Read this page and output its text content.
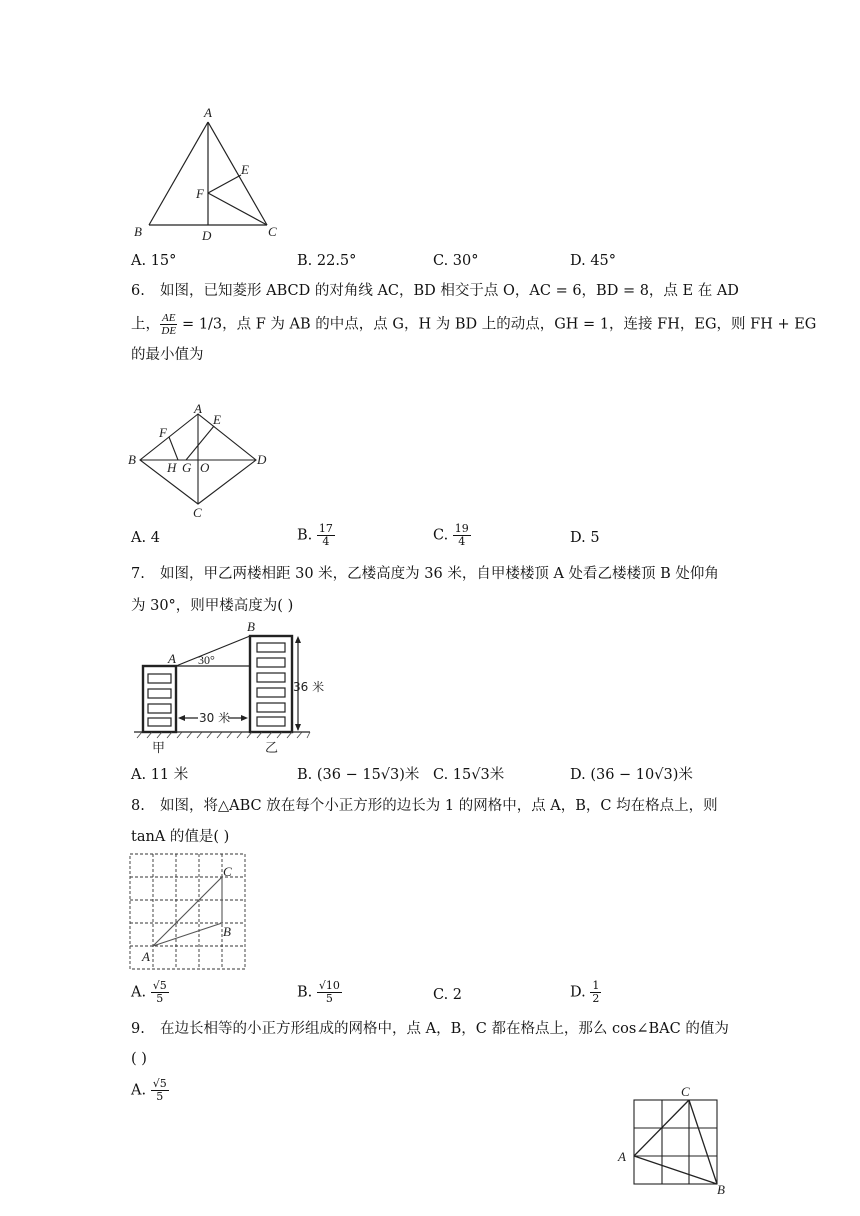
A
B	C
D
E
F
A. 15°	B. 22.5°	C. 30°	D. 45°
6. 如图，已知菱形 ABCD 的对角线 AC，BD 相交于点 O，AC = 6，BD = 8，点 E 在 AD
上， $\frac{AE}{DE} = 1/3$，点 F 为 AB 的中点，点 G，H 为 BD 上的动点，GH = 1，连接 FH，EG，则 FH + EG
的最小值为
A
B
C
D
E
F
H G O
A. 4	B. $\frac{17}{4}$	C. $\frac{19}{4}$	D. 5
7. 如图，甲乙两楼相距 30 米，乙楼高度为 36 米，自甲楼楼顶 A 处看乙楼楼顶 B 处仰角
为 30°，则甲楼高度为( )
A
B
30°
36 米
30 米
甲	乙
A. 11 米	B. (36 − 15√3)米 C. 15√3米	D. (36 − 10√3)米
8. 如图，将△ABC 放在每个小正方形的边长为 1 的网格中，点 A，B，C 均在格点上，则
tanA 的值是( )
A
B
C
A. $\frac{√5}{5}$	B. $\frac{√10}{5}$	C. 2	D. $\frac{1}{2}$
9. 在边长相等的小正方形组成的网格中，点 A，B，C 都在格点上，那么 cos∠BAC 的值为
( )
A. $\frac{√5}{5}$
A
B
C
